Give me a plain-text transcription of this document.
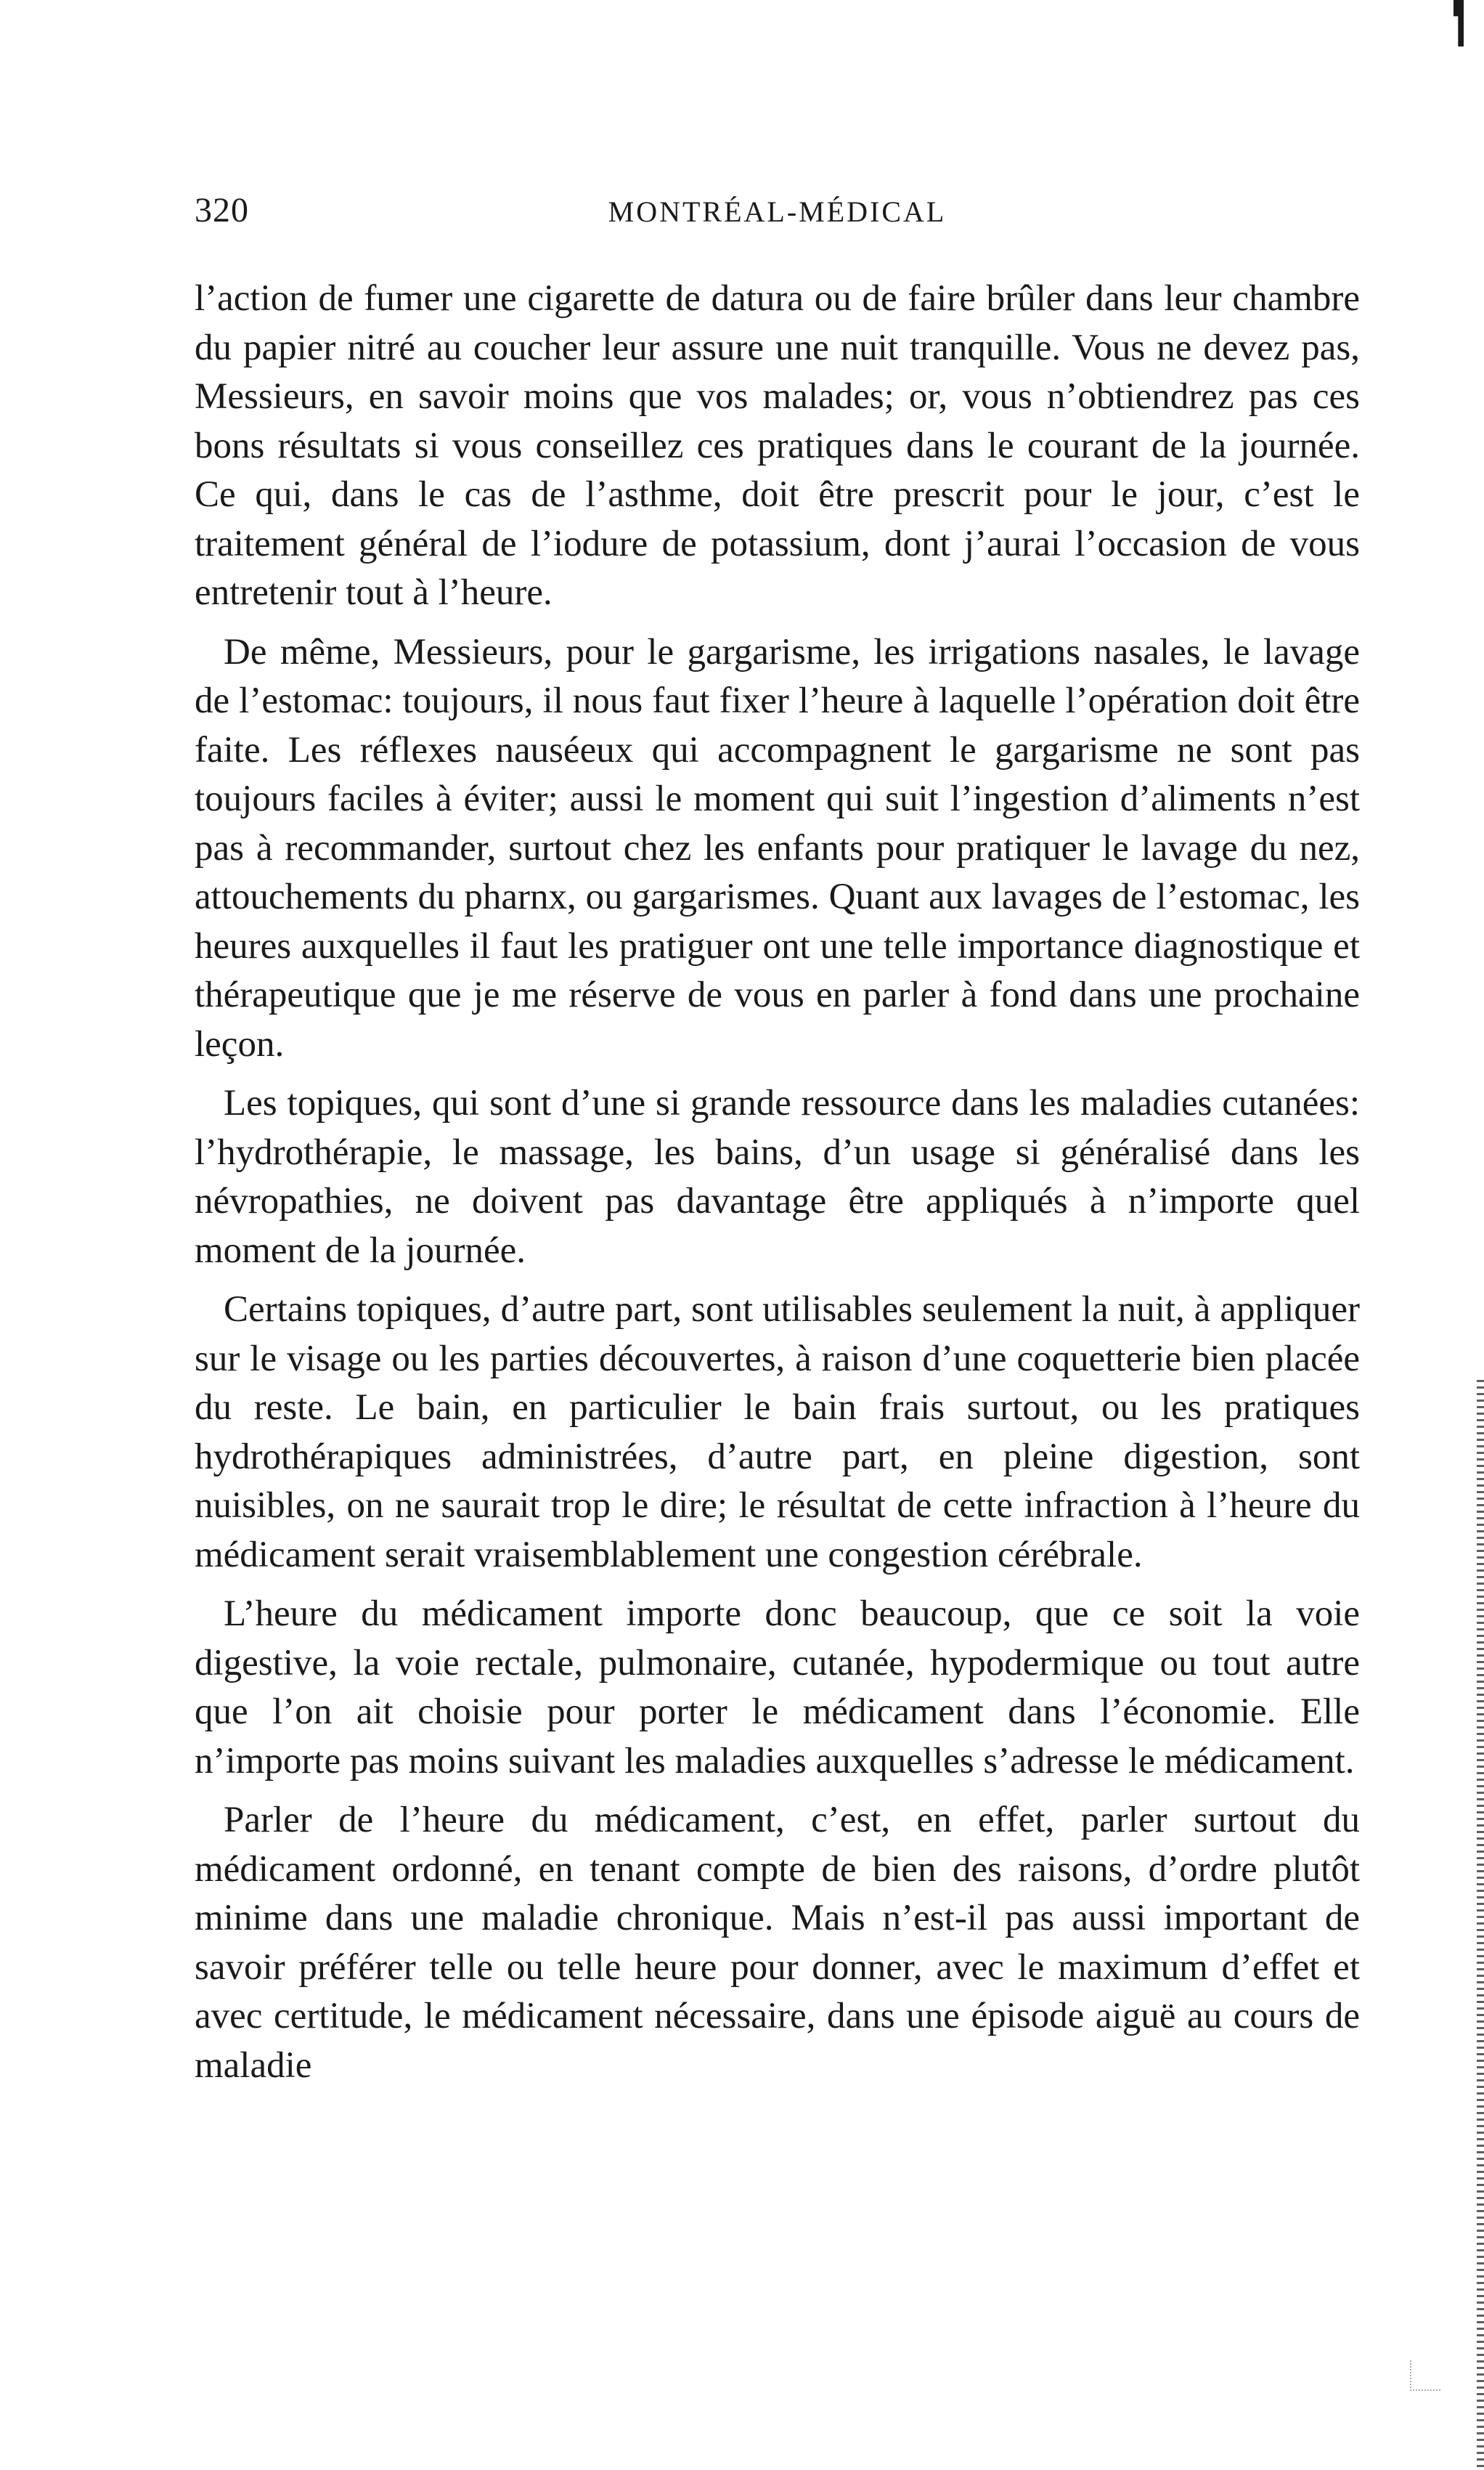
320	MONTRÉAL-MÉDICAL

l’action de fumer une cigarette de datura ou de faire brûler dans leur chambre du papier nitré au coucher leur assure une nuit tranquille. Vous ne devez pas, Messieurs, en savoir moins que vos malades; or, vous n’obtiendrez pas ces bons résultats si vous conseillez ces pratiques dans le courant de la journée. Ce qui, dans le cas de l’asthme, doit être prescrit pour le jour, c’est le traitement général de l’iodure de potassium, dont j’aurai l’occasion de vous entretenir tout à l’heure.

De même, Messieurs, pour le gargarisme, les irrigations nasales, le lavage de l’estomac: toujours, il nous faut fixer l’heure à laquelle l’opération doit être faite. Les réflexes nauséeux qui accompagnent le gargarisme ne sont pas toujours faciles à éviter; aussi le moment qui suit l’ingestion d’aliments n’est pas à recommander, surtout chez les enfants pour pratiquer le lavage du nez, attouchements du pharnx, ou gargarismes. Quant aux lavages de l’estomac, les heures auxquelles il faut les pratiguer ont une telle importance diagnostique et thérapeutique que je me réserve de vous en parler à fond dans une prochaine leçon.

Les topiques, qui sont d’une si grande ressource dans les maladies cutanées: l’hydrothérapie, le massage, les bains, d’un usage si généralisé dans les névropathies, ne doivent pas davantage être appliqués à n’importe quel moment de la journée.

Certains topiques, d’autre part, sont utilisables seulement la nuit, à appliquer sur le visage ou les parties découvertes, à raison d’une coquetterie bien placée du reste. Le bain, en particulier le bain frais surtout, ou les pratiques hydrothérapiques administrées, d’autre part, en pleine digestion, sont nuisibles, on ne saurait trop le dire; le résultat de cette infraction à l’heure du médicament serait vraisemblablement une congestion cérébrale.

L’heure du médicament importe donc beaucoup, que ce soit la voie digestive, la voie rectale, pulmonaire, cutanée, hypodermique ou tout autre que l’on ait choisie pour porter le médicament dans l’économie. Elle n’importe pas moins suivant les maladies auxquelles s’adresse le médicament.

Parler de l’heure du médicament, c’est, en effet, parler surtout du médicament ordonné, en tenant compte de bien des raisons, d’ordre plutôt minime dans une maladie chronique. Mais n’est-il pas aussi important de savoir préférer telle ou telle heure pour donner, avec le maximum d’effet et avec certitude, le médicament nécessaire, dans une épisode aiguë au cours de maladie
